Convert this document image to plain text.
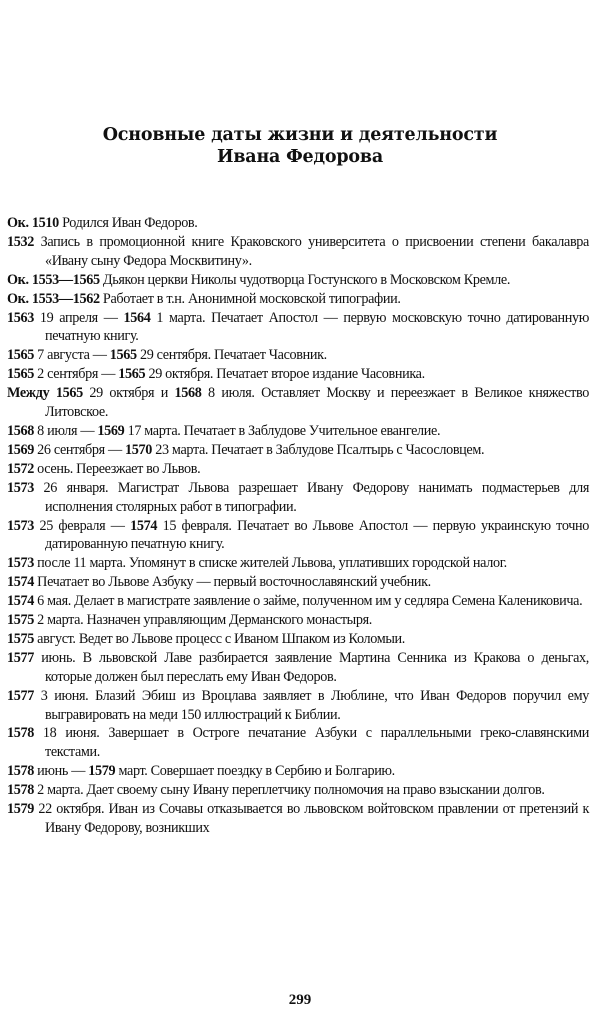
Основные даты жизни и деятельности
Ивана Федорова
Ок. 1510 Родился Иван Федоров.
1532 Запись в промоционной книге Краковского университета о присвоении степени бакалавра «Ивану сыну Федора Москвитину».
Ок. 1553—1565 Дьякон церкви Николы чудотворца Гостунского в Московском Кремле.
Ок. 1553—1562 Работает в т.н. Анонимной московской типографии.
1563 19 апреля — 1564 1 марта. Печатает Апостол — первую московскую точно датированную печатную книгу.
1565 7 августа — 1565 29 сентября. Печатает Часовник.
1565 2 сентября — 1565 29 октября. Печатает второе издание Часовника.
Между 1565 29 октября и 1568 8 июля. Оставляет Москву и переезжает в Великое княжество Литовское.
1568 8 июля — 1569 17 марта. Печатает в Заблудове Учительное евангелие.
1569 26 сентября — 1570 23 марта. Печатает в Заблудове Псалтырь с Часословцем.
1572 осень. Переезжает во Львов.
1573 26 января. Магистрат Львова разрешает Ивану Федорову нанимать подмастерьев для исполнения столярных работ в типографии.
1573 25 февраля — 1574 15 февраля. Печатает во Львове Апостол — первую украинскую точно датированную печатную книгу.
1573 после 11 марта. Упомянут в списке жителей Львова, уплативших городской налог.
1574 Печатает во Львове Азбуку — первый восточнославянский учебник.
1574 6 мая. Делает в магистрате заявление о займе, полученном им у седляра Семена Калениковича.
1575 2 марта. Назначен управляющим Дерманского монастыря.
1575 август. Ведет во Львове процесс с Иваном Шпаком из Коломыи.
1577 июнь. В львовской Лаве разбирается заявление Мартина Сенника из Кракова о деньгах, которые должен был переслать ему Иван Федоров.
1577 3 июня. Блазий Эбиш из Вроцлава заявляет в Люблине, что Иван Федоров поручил ему выгравировать на меди 150 иллюстраций к Библии.
1578 18 июня. Завершает в Остроге печатание Азбуки с параллельными греко-славянскими текстами.
1578 июнь — 1579 март. Совершает поездку в Сербию и Болгарию.
1578 2 марта. Дает своему сыну Ивану переплетчику полномочия на право взыскании долгов.
1579 22 октября. Иван из Сочавы отказывается во львовском войтовском правлении от претензий к Ивану Федорову, возникших
299
